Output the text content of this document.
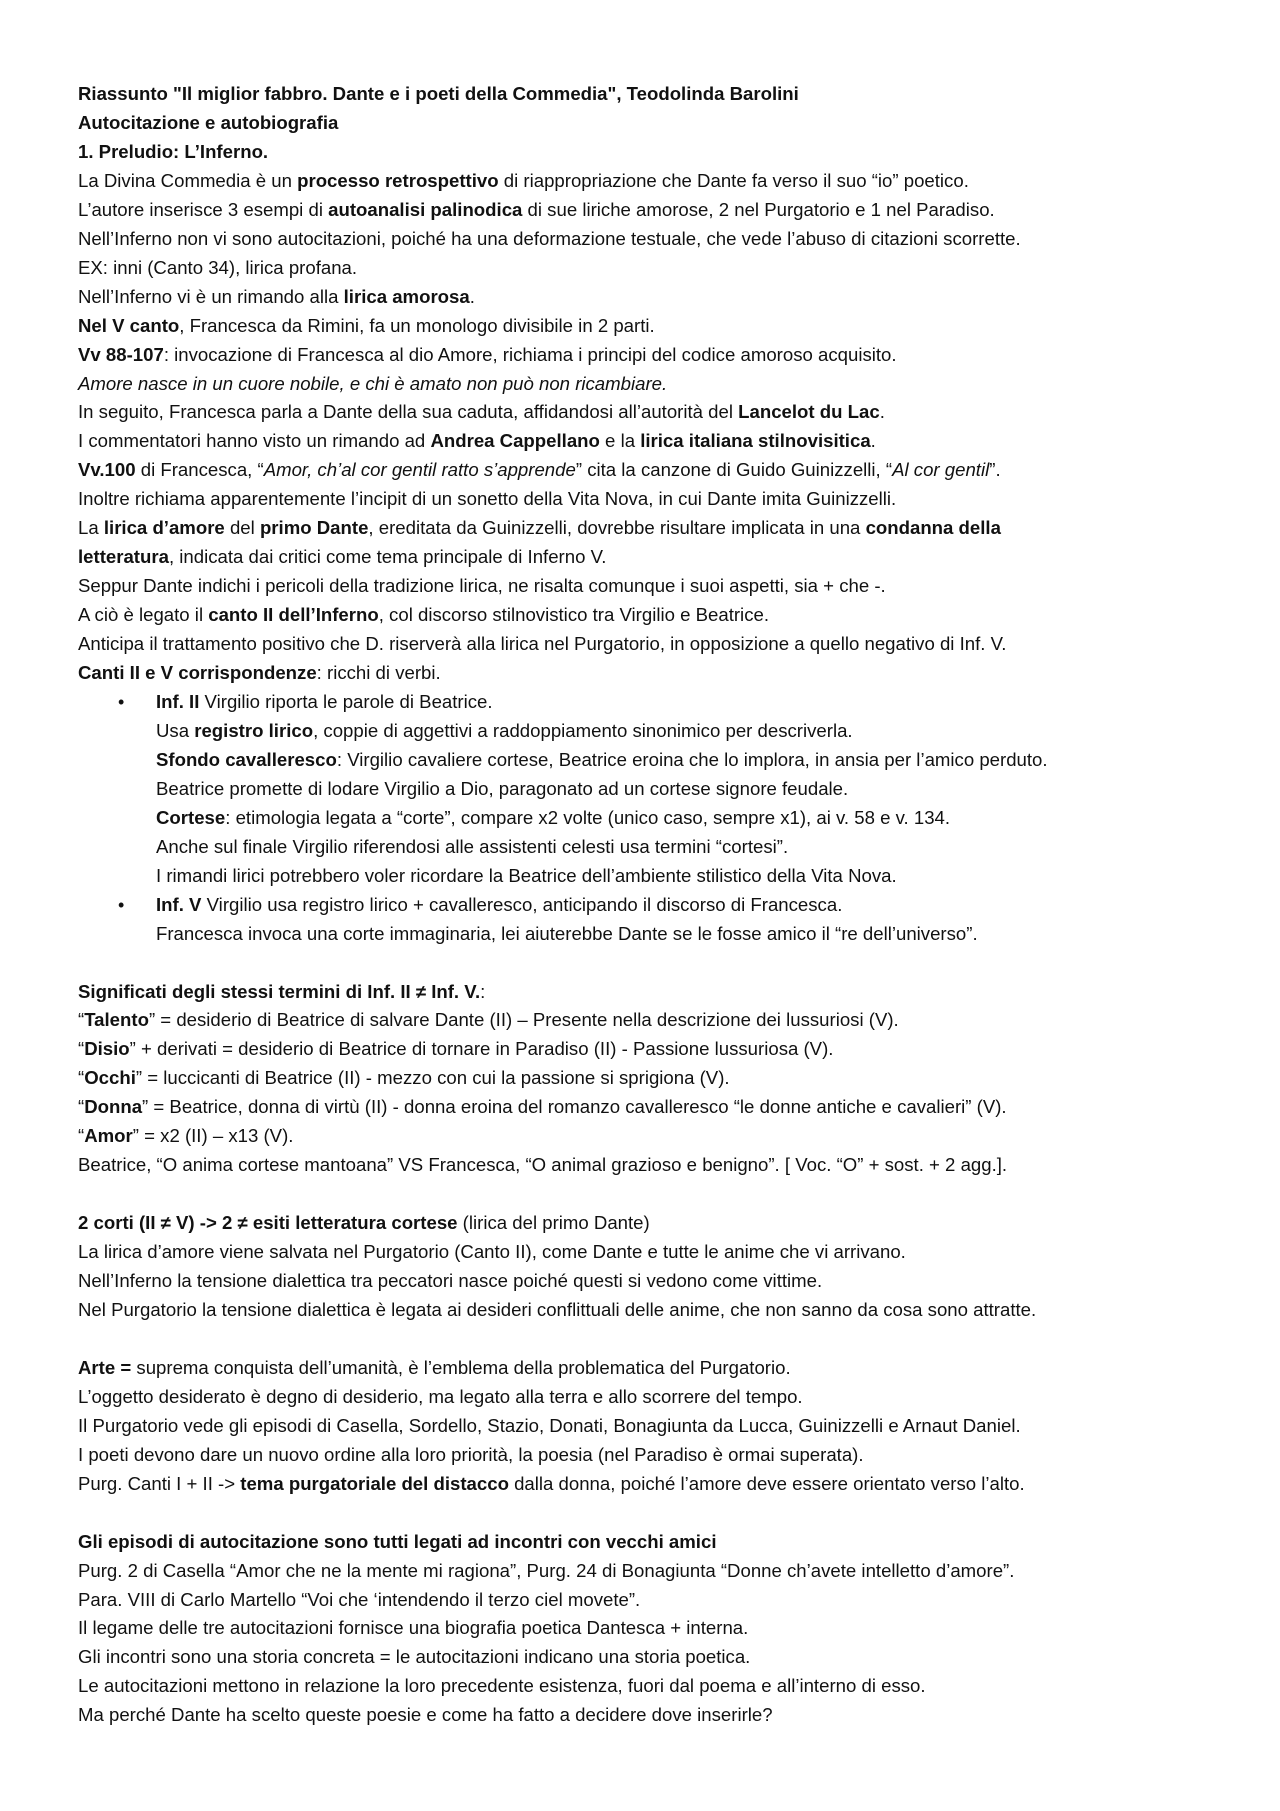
Riassunto "Il miglior fabbro. Dante e i poeti della Commedia", Teodolinda Barolini

Autocitazione e autobiografia

1. Preludio: L’Inferno.

La Divina Commedia è un processo retrospettivo di riappropriazione che Dante fa verso il suo “io” poetico.

L’autore inserisce 3 esempi di autoanalisi palinodica di sue liriche amorose, 2 nel Purgatorio e 1 nel Paradiso.

Nell’Inferno non vi sono autocitazioni, poiché ha una deformazione testuale, che vede l’abuso di citazioni scorrette.

EX: inni (Canto 34), lirica profana.

Nell’Inferno vi è un rimando alla lirica amorosa.

Nel V canto, Francesca da Rimini, fa un monologo divisibile in 2 parti.

Vv 88-107: invocazione di Francesca al dio Amore, richiama i principi del codice amoroso acquisito.

Amore nasce in un cuore nobile, e chi è amato non può non ricambiare.

In seguito, Francesca parla a Dante della sua caduta, affidandosi all’autorità del Lancelot du Lac.

I commentatori hanno visto un rimando ad Andrea Cappellano e la lirica italiana stilnovisitica.

Vv.100 di Francesca, “Amor, ch’al cor gentil ratto s’apprende” cita la canzone di Guido Guinizzelli, “Al cor gentil”.

Inoltre richiama apparentemente l’incipit di un sonetto della Vita Nova, in cui Dante imita Guinizzelli.

La lirica d’amore del primo Dante, ereditata da Guinizzelli, dovrebbe risultare implicata in una condanna della

letteratura, indicata dai critici come tema principale di Inferno V.

Seppur Dante indichi i pericoli della tradizione lirica, ne risalta comunque i suoi aspetti, sia + che -.

A ciò è legato il canto II dell’Inferno, col discorso stilnovistico tra Virgilio e Beatrice.

Anticipa il trattamento positivo che D. riserverà alla lirica nel Purgatorio, in opposizione a quello negativo di Inf. V.

Canti II e V corrispondenze: ricchi di verbi.

• Inf. II Virgilio riporta le parole di Beatrice.

Usa registro lirico, coppie di aggettivi a raddoppiamento sinonimico per descriverla.

Sfondo cavalleresco: Virgilio cavaliere cortese, Beatrice eroina che lo implora, in ansia per l’amico perduto.

Beatrice promette di lodare Virgilio a Dio, paragonato ad un cortese signore feudale.

Cortese: etimologia legata a “corte”, compare x2 volte (unico caso, sempre x1), ai v. 58 e v. 134.

Anche sul finale Virgilio riferendosi alle assistenti celesti usa termini “cortesi”.

I rimandi lirici potrebbero voler ricordare la Beatrice dell’ambiente stilistico della Vita Nova.

• Inf. V Virgilio usa registro lirico + cavalleresco, anticipando il discorso di Francesca.

Francesca invoca una corte immaginaria, lei aiuterebbe Dante se le fosse amico il “re dell’universo”.

Significati degli stessi termini di Inf. II ≠ Inf. V.:

“Talento” = desiderio di Beatrice di salvare Dante (II) – Presente nella descrizione dei lussuriosi (V).

“Disio” + derivati = desiderio di Beatrice di tornare in Paradiso (II) - Passione lussuriosa (V).

“Occhi” = luccicanti di Beatrice (II) - mezzo con cui la passione si sprigiona (V).

“Donna” = Beatrice, donna di virtù (II) - donna eroina del romanzo cavalleresco “le donne antiche e cavalieri” (V).

“Amor” = x2 (II) – x13 (V).

Beatrice, “O anima cortese mantoana” VS Francesca, “O animal grazioso e benigno”. [ Voc. “O” + sost. + 2 agg.].

2 corti (II ≠ V) -> 2 ≠ esiti letteratura cortese (lirica del primo Dante)

La lirica d’amore viene salvata nel Purgatorio (Canto II), come Dante e tutte le anime che vi arrivano.

Nell’Inferno la tensione dialettica tra peccatori nasce poiché questi si vedono come vittime.

Nel Purgatorio la tensione dialettica è legata ai desideri conflittuali delle anime, che non sanno da cosa sono attratte.

Arte = suprema conquista dell’umanità, è l’emblema della problematica del Purgatorio.

L’oggetto desiderato è degno di desiderio, ma legato alla terra e allo scorrere del tempo.

Il Purgatorio vede gli episodi di Casella, Sordello, Stazio, Donati, Bonagiunta da Lucca, Guinizzelli e Arnaut Daniel.

I poeti devono dare un nuovo ordine alla loro priorità, la poesia (nel Paradiso è ormai superata).

Purg. Canti I + II -> tema purgatoriale del distacco dalla donna, poiché l’amore deve essere orientato verso l’alto.

Gli episodi di autocitazione sono tutti legati ad incontri con vecchi amici

Purg. 2 di Casella “Amor che ne la mente mi ragiona”, Purg. 24 di Bonagiunta “Donne ch’avete intelletto d’amore”.

Para. VIII di Carlo Martello “Voi che ‘intendendo il terzo ciel movete”.

Il legame delle tre autocitazioni fornisce una biografia poetica Dantesca + interna.

Gli incontri sono una storia concreta = le autocitazioni indicano una storia poetica.

Le autocitazioni mettono in relazione la loro precedente esistenza, fuori dal poema e all’interno di esso.

Ma perché Dante ha scelto queste poesie e come ha fatto a decidere dove inserirle?
